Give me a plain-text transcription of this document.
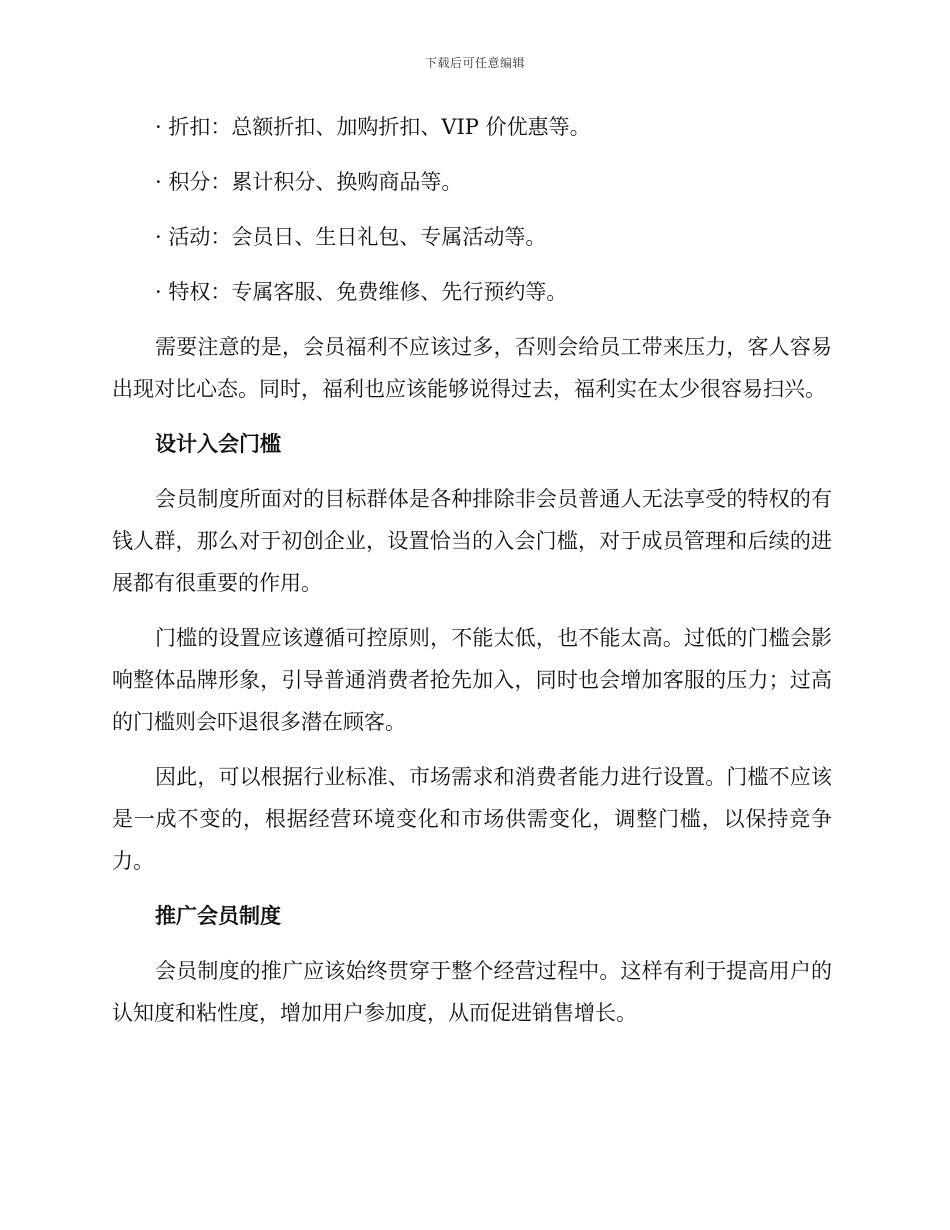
下载后可任意编辑

· 折扣：总额折扣、加购折扣、VIP 价优惠等。

· 积分：累计积分、换购商品等。

· 活动：会员日、生日礼包、专属活动等。

· 特权：专属客服、免费维修、先行预约等。

需要注意的是，会员福利不应该过多，否则会给员工带来压力，客人容易出现对比心态。同时，福利也应该能够说得过去，福利实在太少很容易扫兴。

设计入会门槛

会员制度所面对的目标群体是各种排除非会员普通人无法享受的特权的有钱人群，那么对于初创企业，设置恰当的入会门槛，对于成员管理和后续的进展都有很重要的作用。

门槛的设置应该遵循可控原则，不能太低，也不能太高。过低的门槛会影响整体品牌形象，引导普通消费者抢先加入，同时也会增加客服的压力；过高的门槛则会吓退很多潜在顾客。

因此，可以根据行业标准、市场需求和消费者能力进行设置。门槛不应该是一成不变的，根据经营环境变化和市场供需变化，调整门槛，以保持竞争力。

推广会员制度

会员制度的推广应该始终贯穿于整个经营过程中。这样有利于提高用户的认知度和粘性度，增加用户参加度，从而促进销售增长。
